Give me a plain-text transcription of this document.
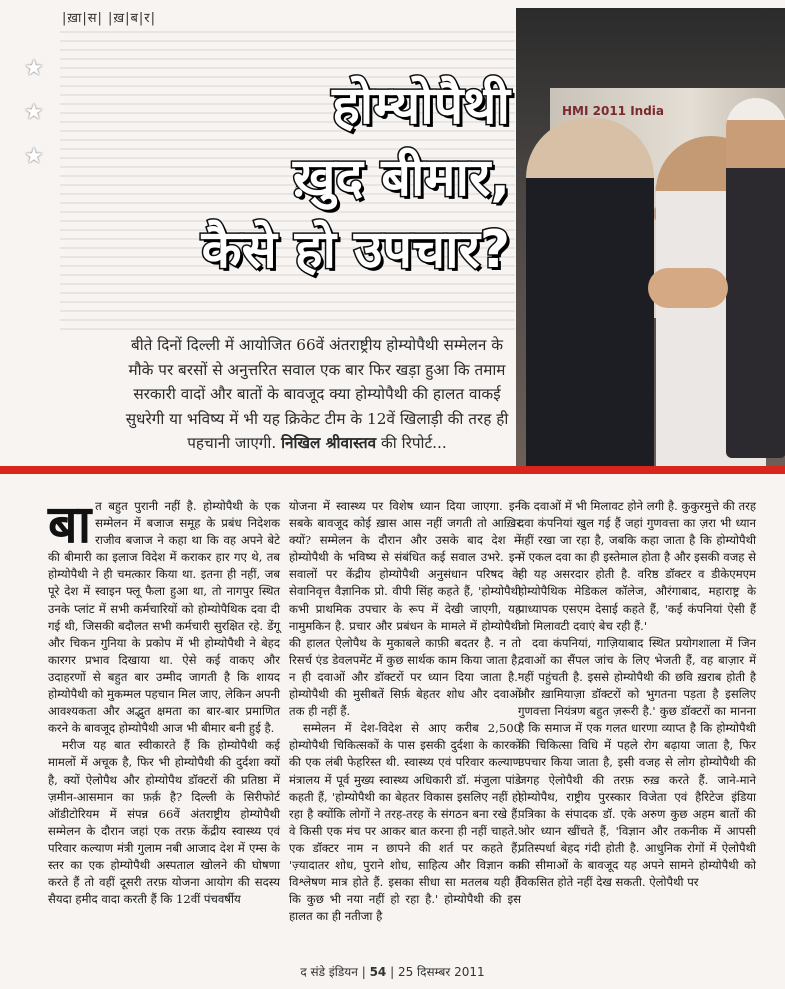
|ख़ा|स| |ख़|ब|र|
★
★
★
होम्योपैथी
ख़ुद बीमार,
कैसे हो उपचार?
बीते दिनों दिल्ली में आयोजित 66वें अंतराष्ट्रीय होम्योपैथी सम्मेलन के मौके पर बरसों से अनुत्तरित सवाल एक बार फिर खड़ा हुआ कि तमाम सरकारी वादों और बातों के बावजूद क्या होम्योपैथी की हालत वाकई सुधरेगी या भविष्य में भी यह क्रिकेट टीम के 12वें खिलाड़ी की तरह ही पहचानी जाएगी. निखिल श्रीवास्तव की रिपोर्ट...
HMI 2011 India

बात बहुत पुरानी नहीं है. होम्योपैथी के एक सम्मेलन में बजाज समूह के प्रबंध निदेशक राजीव बजाज ने कहा था कि वह अपने बेटे की बीमारी का इलाज विदेश में कराकर हार गए थे, तब होम्योपैथी ने ही चमत्कार किया था. इतना ही नहीं, जब पूरे देश में स्वाइन फ्लू फैला हुआ था, तो नागपुर स्थित उनके प्लांट में सभी कर्मचारियों को होम्योपैथिक दवा दी गई थी, जिसकी बदौलत सभी कर्मचारी सुरक्षित रहे. डेंगू और चिकन गुनिया के प्रकोप में भी होम्योपैथी ने बेहद कारगर प्रभाव दिखाया था. ऐसे कई वाकए और उदाहरणों से बहुत बार उम्मीद जागती है कि शायद होम्योपैथी को मुकम्मल पहचान मिल जाए, लेकिन अपनी आवश्यकता और अद्भुत क्षमता का बार-बार प्रमाणित करने के बावजूद होम्योपैथी आज भी बीमार बनी हुई है.

मरीज यह बात स्वीकारते हैं कि होम्योपैथी कई मामलों में अचूक है, फिर भी होम्योपैथी की दुर्दशा क्यों है, क्यों ऐलोपैथ और होम्योपैथ डॉक्टरों की प्रतिष्ठा में ज़मीन-आसमान का फ़र्क़ है? दिल्ली के सिरीफोर्ट ऑडीटोरियम में संपन्न 66वें अंतराष्ट्रीय होम्योपैथी सम्मेलन के दौरान जहां एक तरफ़ केंद्रीय स्वास्थ्य एवं परिवार कल्याण मंत्री गुलाम नबी आजाद देश में एम्स के स्तर का एक होम्योपैथी अस्पताल खोलने की घोषणा करते हैं तो वहीं दूसरी तरफ़ योजना आयोग की सदस्य सैयदा हमीद वादा करती हैं कि 12वीं पंचवर्षीय

योजना में स्वास्थ्य पर विशेष ध्यान दिया जाएगा. इन सबके बावजूद कोई ख़ास आस नहीं जगती तो आख़िर क्यों? सम्मेलन के दौरान और उसके बाद देश में होम्योपैथी के भविष्य से संबंधित कई सवाल उभरे. इन सवालों पर केंद्रीय होम्योपैथी अनुसंधान परिषद के सेवानिवृत्त वैज्ञानिक प्रो. वीपी सिंह कहते हैं, 'होम्योपैथी कभी प्राथमिक उपचार के रूप में देखी जाएगी, यह नामुमकिन है. प्रचार और प्रबंधन के मामले में होम्योपैथी की हालत ऐलोपैथ के मुकाबले काफ़ी बदतर है. न तो रिसर्च एंड डेवलपमेंट में कुछ सार्थक काम किया जाता है, न ही दवाओं और डॉक्टरों पर ध्यान दिया जाता है.' होम्योपैथी की मुसीबतें सिर्फ़ बेहतर शोध और दवाओं तक ही नहीं हैं.

सम्मेलन में देश-विदेश से आए करीब 2,500 होम्योपैथी चिकित्सकों के पास इसकी दुर्दशा के कारकों की एक लंबी फेहरिस्त थी. स्वास्थ्य एवं परिवार कल्याण मंत्रालय में पूर्व मुख्य स्वास्थ्य अधिकारी डॉ. मंजुला पांडे कहती हैं, 'होम्योपैथी का बेहतर विकास इसलिए नहीं हो रहा है क्योंकि लोगों ने तरह-तरह के संगठन बना रखे हैं. वे किसी एक मंच पर आकर बात करना ही नहीं चाहते.' एक डॉक्टर नाम न छापने की शर्त पर कहते हैं, 'ज़्यादातर शोध, पुराने शोध, साहित्य और विज्ञान का विश्लेषण मात्र होते हैं. इसका सीधा सा मतलब यही है कि कुछ भी नया नहीं हो रहा है.' होम्योपैथी की इस हालत का ही नतीजा है

कि दवाओं में भी मिलावट होने लगी है. कुकुरमुत्ते की तरह दवा कंपनियां खुल गई हैं जहां गुणवत्ता का ज़रा भी ध्यान नहीं रखा जा रहा है, जबकि कहा जाता है कि होम्योपैथी में एकल दवा का ही इस्तेमाल होता है और इसकी वजह से ही यह असरदार होती है. वरिष्ठ डॉक्टर व डीकेएमएम होम्योपैथिक मेडिकल कॉलेज, औरंगाबाद, महाराष्ट्र के प्राध्यापक एसएम देसाई कहते हैं, 'कई कंपनियां ऐसी हैं जो मिलावटी दवाएं बेच रही हैं.'

दवा कंपनियां, गाज़ियाबाद स्थित प्रयोगशाला में जिन दवाओं का सैंपल जांच के लिए भेजती हैं, वह बाज़ार में नहीं पहुंचती है. इससे होम्योपैथी की छवि ख़राब होती है और ख़ामियाज़ा डॉक्टरों को भुगतना पड़ता है इसलिए गुणवत्ता नियंत्रण बहुत ज़रूरी है.' कुछ डॉक्टरों का मानना है कि समाज में एक गलत धारणा व्याप्त है कि होम्योपैथी की चिकित्सा विधि में पहले रोग बढ़ाया जाता है, फिर उपचार किया जाता है, इसी वजह से लोग होम्योपैथी की जगह ऐलोपैथी की तरफ़ रुख़ करते हैं. जाने-माने होम्योपैथ, राष्ट्रीय पुरस्कार विजेता एवं हैरिटेज इंडिया पत्रिका के संपादक डॉ. एके अरुण कुछ अहम बातों की ओर ध्यान खींचते हैं, 'विज्ञान और तकनीक में आपसी प्रतिस्पर्धा बेहद गंदी होती है. आधुनिक रोगों में ऐलोपैथी की सीमाओं के बावजूद यह अपने सामने होम्योपैथी को विकसित होते नहीं देख सकती. ऐलोपैथी पर

द संडे इंडियन | 54 | 25 दिसम्बर 2011
